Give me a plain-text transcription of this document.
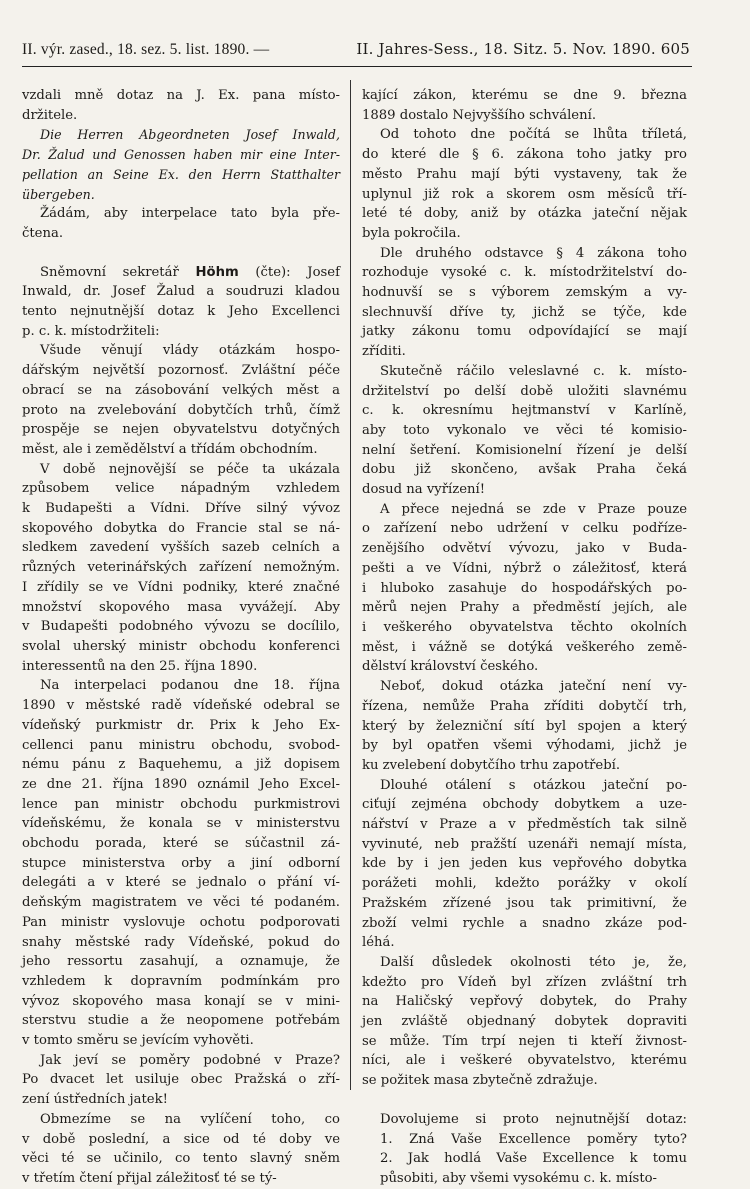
II. výr. zased., 18. sez. 5. list. 1890. —	II. Jahres-Sess., 18. Sitz. 5. Nov. 1890. 605

vzdali mně dotaz na J. Ex. pana místo-
držitele.

Die Herren Abgeordneten Josef Inwald,
Dr. Žalud und Genossen haben mir eine Inter-
pellation an Seine Ex. den Herrn Statthalter
übergeben.

Žádám, aby interpelace tato byla pře-
čtena.

Sněmovní sekretář Höhm (čte): Josef
Inwald, dr. Josef Žalud a soudruzi kladou
tento nejnutnější dotaz k Jeho Excellenci
p. c. k. místodržiteli:

Všude věnují vlády otázkám hospo-
dářským největší pozornosť. Zvláštní péče
obrací se na zásobování velkých měst a
proto na zvelebování dobytčích trhů, čímž
prospěje se nejen obyvatelstvu dotyčných
měst, ale i zemědělství a třídám obchodním.

V době nejnovější se péče ta ukázala
způsobem velice nápadným vzhledem
k Budapešti a Vídni. Dříve silný vývoz
skopového dobytka do Francie stal se ná-
sledkem zavedení vyšších sazeb celních a
různých veterinářských zařízení nemožným.
I zřídily se ve Vídni podniky, které značné
množství skopového masa vyvážejí. Aby
v Budapešti podobného vývozu se docílilo,
svolal uherský ministr obchodu konferenci
interessentů na den 25. října 1890.

Na interpelaci podanou dne 18. října
1890 v městské radě vídeňské odebral se
vídeňský purkmistr dr. Prix k Jeho Ex-
cellenci panu ministru obchodu, svobod-
nému pánu z Baquehemu, a již dopisem
ze dne 21. října 1890 oznámil Jeho Excel-
lence pan ministr obchodu purkmistrovi
vídeňskému, že konala se v ministerstvu
obchodu porada, které se súčastnil zá-
stupce ministerstva orby a jiní odborní
delegáti a v které se jednalo o přání ví-
deňským magistratem ve věci té podaném.
Pan ministr vyslovuje ochotu podporovati
snahy městské rady Vídeňské, pokud do
jeho ressortu zasahují, a oznamuje, že
vzhledem k dopravním podmínkám pro
vývoz skopového masa konají se v mini-
sterstvu studie a že neopomene potřebám
v tomto směru se jevícím vyhověti.

Jak jeví se poměry podobné v Praze?
Po dvacet let usiluje obec Pražská o zří-
zení ústředních jatek!

Obmezíme se na vylíčení toho, co
v době poslední, a sice od té doby ve
věci té se učinilo, co tento slavný sněm
v třetím čtení přijal záležitosť té se tý-

kající zákon, kterému se dne 9. března
1889 dostalo Nejvyššího schválení.

Od tohoto dne počítá se lhůta tříletá,
do které dle § 6. zákona toho jatky pro
město Prahu mají býti vystaveny, tak že
uplynul již rok a skorem osm měsíců tří-
leté té doby, aniž by otázka jateční nějak
byla pokročila.

Dle druhého odstavce § 4 zákona toho
rozhoduje vysoké c. k. místodržitelství do-
hodnuvší se s výborem zemským a vy-
slechnuvší dříve ty, jichž se týče, kde
jatky zákonu tomu odpovídající se mají
zříditi.

Skutečně ráčilo veleslavné c. k. místo-
držitelství po delší době uložiti slavnému
c. k. okresnímu hejtmanství v Karlíně,
aby toto vykonalo ve věci té komisio-
nelní šetření. Komisionelní řízení je delší
dobu již skončeno, avšak Praha čeká
dosud na vyřízení!

A přece nejedná se zde v Praze pouze
o zařízení nebo udržení v celku podříze-
zenějšího odvětví vývozu, jako v Buda-
pešti a ve Vídni, nýbrž o záležitosť, která
i hluboko zasahuje do hospodářských po-
měrů nejen Prahy a předměstí jejích, ale
i veškerého obyvatelstva těchto okolních
měst, i vážně se dotýká veškerého země-
dělství království českého.

Neboť, dokud otázka jateční není vy-
řízena, nemůže Praha zříditi dobytčí trh,
který by železniční sítí byl spojen a který
by byl opatřen všemi výhodami, jichž je
ku zvelebení dobytčího trhu zapotřebí.

Dlouhé otálení s otázkou jateční po-
ciťují zejména obchody dobytkem a uze-
nářství v Praze a v předměstích tak silně
vyvinuté, neb pražští uzenáři nemají místa,
kde by i jen jeden kus vepřového dobytka
porážeti mohli, kdežto porážky v okolí
Pražském zřízené jsou tak primitivní, že
zboží velmi rychle a snadno zkáze pod-
léhá.

Další důsledek okolnosti této je, že,
kdežto pro Vídeň byl zřízen zvláštní trh
na Haličský vepřový dobytek, do Prahy
jen zvláště objednaný dobytek dopraviti
se může. Tím trpí nejen ti kteří živnost-
níci, ale i veškeré obyvatelstvo, kterému
se požitek masa zbytečně zdražuje.

Dovolujeme si proto nejnutnější dotaz:
1. Zná Vaše Excellence poměry tyto?
2. Jak hodlá Vaše Excellence k tomu
působiti, aby všemi vysokému c. k. místo-
